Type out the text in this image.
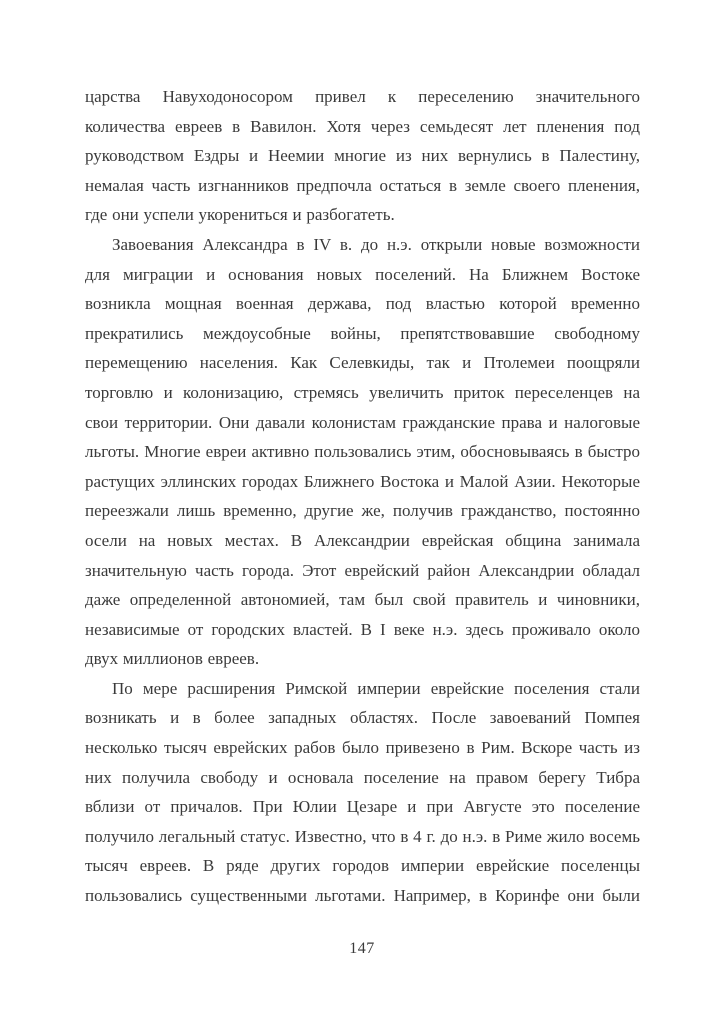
царства Навуходоносором привел к переселению значительного
количества евреев в Вавилон. Хотя через семьдесят лет пленения под
руководством Ездры и Неемии многие из них вернулись в Палестину,
немалая часть изгнанников предпочла остаться в земле своего пленения,
где они успели укорениться и разбогатеть.

Завоевания Александра в IV в. до н.э. открыли новые возможности
для миграции и основания новых поселений. На Ближнем Востоке
возникла мощная военная держава, под властью которой временно
прекратились междоусобные войны, препятствовавшие свободному
перемещению населения. Как Селевкиды, так и Птолемеи поощряли
торговлю и колонизацию, стремясь увеличить приток переселенцев на
свои территории. Они давали колонистам гражданские права и налоговые
льготы. Многие евреи активно пользовались этим, обосновываясь в быстро
растущих эллинских городах Ближнего Востока и Малой Азии. Некоторые
переезжали лишь временно, другие же, получив гражданство, постоянно
осели на новых местах. В Александрии еврейская община занимала
значительную часть города. Этот еврейский район Александрии обладал
даже определенной автономией, там был свой правитель и чиновники,
независимые от городских властей. В I веке н.э. здесь проживало около
двух миллионов евреев.

По мере расширения Римской империи еврейские поселения стали
возникать и в более западных областях. После завоеваний Помпея
несколько тысяч еврейских рабов было привезено в Рим. Вскоре часть из
них получила свободу и основала поселение на правом берегу Тибра
вблизи от причалов. При Юлии Цезаре и при Августе это поселение
получило легальный статус. Известно, что в 4 г. до н.э. в Риме жило восемь
тысяч евреев. В ряде других городов империи еврейские поселенцы
пользовались существенными льготами. Например, в Коринфе они были

147
